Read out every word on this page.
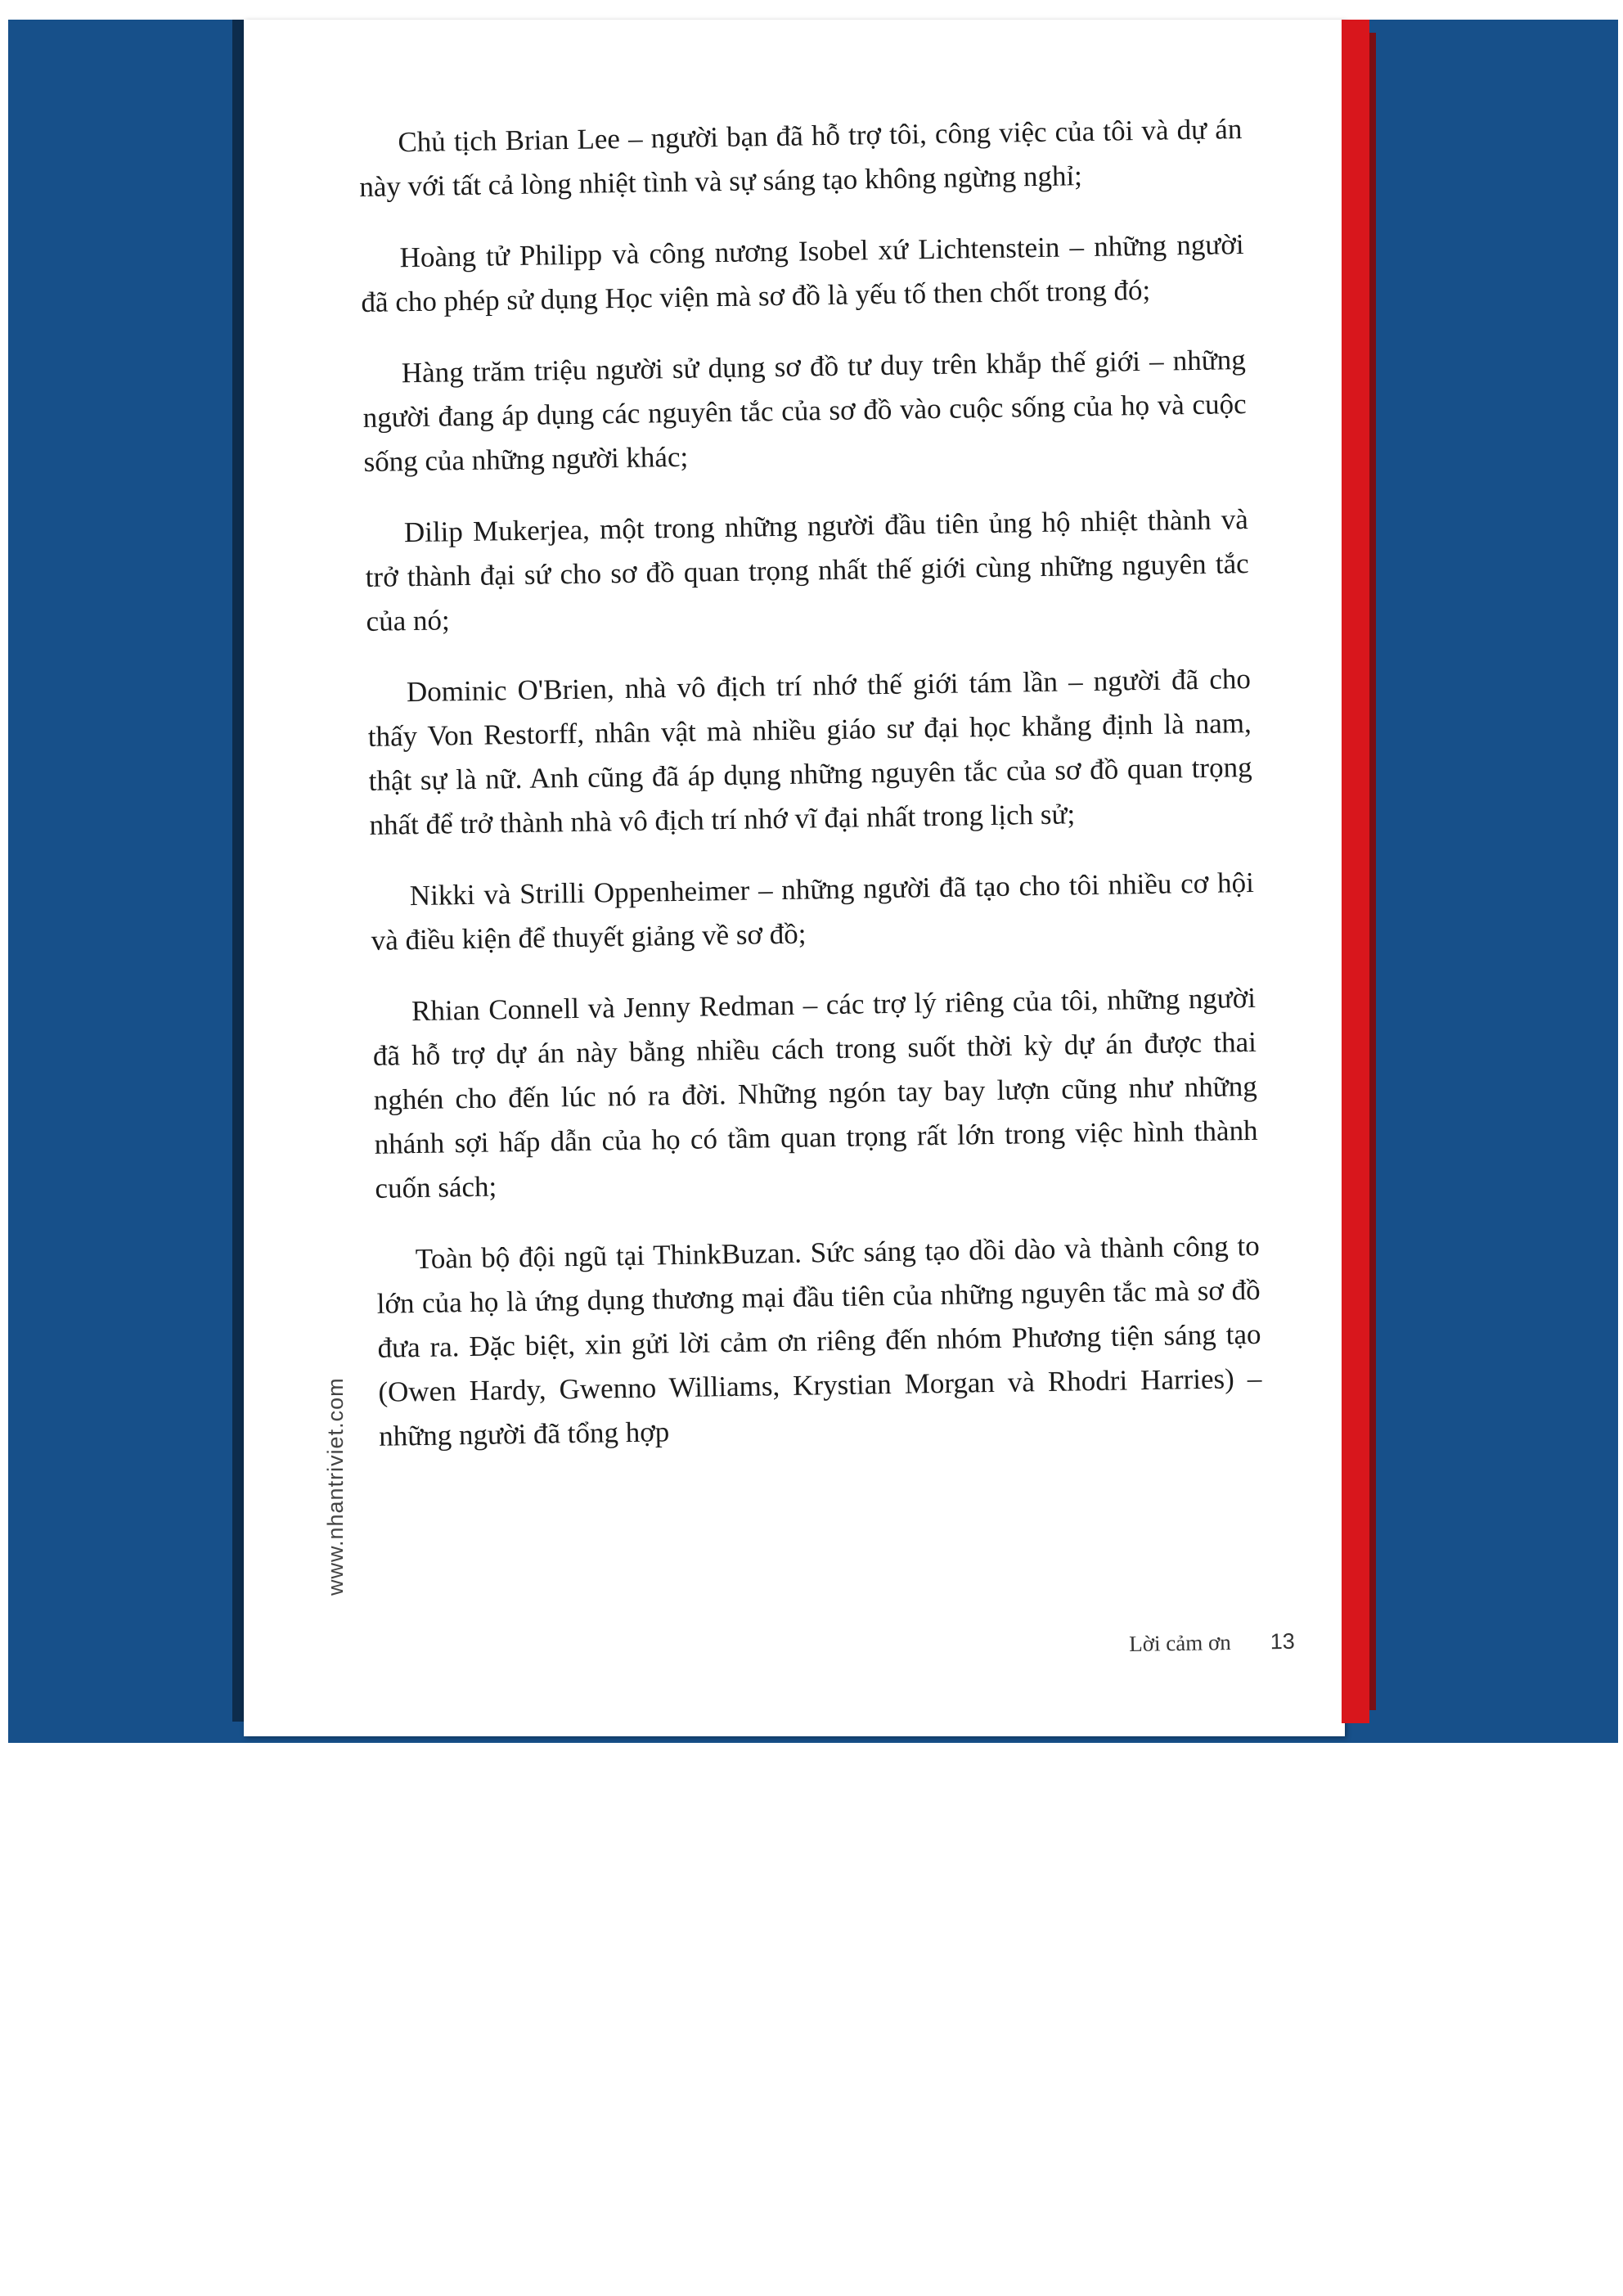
Chủ tịch Brian Lee – người bạn đã hỗ trợ tôi, công việc của tôi và dự án này với tất cả lòng nhiệt tình và sự sáng tạo không ngừng nghỉ;

Hoàng tử Philipp và công nương Isobel xứ Lichtenstein – những người đã cho phép sử dụng Học viện mà sơ đồ là yếu tố then chốt trong đó;

Hàng trăm triệu người sử dụng sơ đồ tư duy trên khắp thế giới – những người đang áp dụng các nguyên tắc của sơ đồ vào cuộc sống của họ và cuộc sống của những người khác;

Dilip Mukerjea, một trong những người đầu tiên ủng hộ nhiệt thành và trở thành đại sứ cho sơ đồ quan trọng nhất thế giới cùng những nguyên tắc của nó;

Dominic O'Brien, nhà vô địch trí nhớ thế giới tám lần – người đã cho thấy Von Restorff, nhân vật mà nhiều giáo sư đại học khẳng định là nam, thật sự là nữ. Anh cũng đã áp dụng những nguyên tắc của sơ đồ quan trọng nhất để trở thành nhà vô địch trí nhớ vĩ đại nhất trong lịch sử;

Nikki và Strilli Oppenheimer – những người đã tạo cho tôi nhiều cơ hội và điều kiện để thuyết giảng về sơ đồ;

Rhian Connell và Jenny Redman – các trợ lý riêng của tôi, những người đã hỗ trợ dự án này bằng nhiều cách trong suốt thời kỳ dự án được thai nghén cho đến lúc nó ra đời. Những ngón tay bay lượn cũng như những nhánh sợi hấp dẫn của họ có tầm quan trọng rất lớn trong việc hình thành cuốn sách;

Toàn bộ đội ngũ tại ThinkBuzan. Sức sáng tạo dồi dào và thành công to lớn của họ là ứng dụng thương mại đầu tiên của những nguyên tắc mà sơ đồ đưa ra. Đặc biệt, xin gửi lời cảm ơn riêng đến nhóm Phương tiện sáng tạo (Owen Hardy, Gwenno Williams, Krystian Morgan và Rhodri Harries) – những người đã tổng hợp

www.nhantriviet.com
Lời cảm ơn 13
